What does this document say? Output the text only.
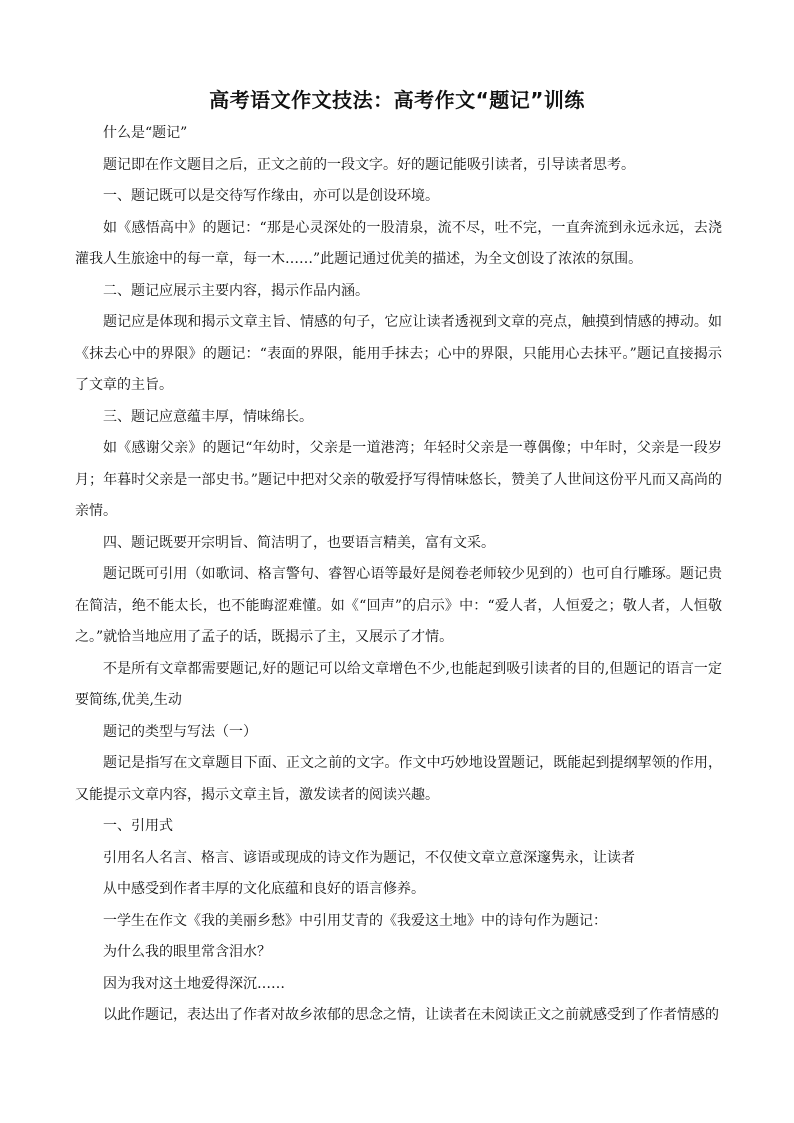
高考语文作文技法：高考作文“题记”训练

什么是“题记”

题记即在作文题目之后，正文之前的一段文字。好的题记能吸引读者，引导读者思考。

一、题记既可以是交待写作缘由，亦可以是创设环境。

如《感悟高中》的题记：“那是心灵深处的一股清泉，流不尽，吐不完，一直奔流到永远永远，去浇灌我人生旅途中的每一章，每一木……”此题记通过优美的描述，为全文创设了浓浓的氛围。

二、题记应展示主要内容，揭示作品内涵。

题记应是体现和揭示文章主旨、情感的句子，它应让读者透视到文章的亮点，触摸到情感的搏动。如《抹去心中的界限》的题记：“表面的界限，能用手抹去；心中的界限，只能用心去抹平。”题记直接揭示了文章的主旨。

三、题记应意蕴丰厚，情味绵长。

如《感谢父亲》的题记“年幼时，父亲是一道港湾；年轻时父亲是一尊偶像；中年时，父亲是一段岁月；年暮时父亲是一部史书。”题记中把对父亲的敬爱抒写得情味悠长，赞美了人世间这份平凡而又高尚的亲情。

四、题记既要开宗明旨、简洁明了，也要语言精美，富有文采。

题记既可引用（如歌词、格言警句、睿智心语等最好是阅卷老师较少见到的）也可自行雕琢。题记贵在简洁，绝不能太长，也不能晦涩难懂。如《“回声”的启示》中：“爱人者，人恒爱之；敬人者，人恒敬之。”就恰当地应用了孟子的话，既揭示了主，又展示了才情。

不是所有文章都需要题记,好的题记可以给文章增色不少,也能起到吸引读者的目的,但题记的语言一定要简练,优美,生动

题记的类型与写法（一）

题记是指写在文章题目下面、正文之前的文字。作文中巧妙地设置题记，既能起到提纲挈领的作用，又能提示文章内容，揭示文章主旨，激发读者的阅读兴趣。

一、引用式

引用名人名言、格言、谚语或现成的诗文作为题记，不仅使文章立意深邃隽永，让读者

从中感受到作者丰厚的文化底蕴和良好的语言修养。

一学生在作文《我的美丽乡愁》中引用艾青的《我爱这土地》中的诗句作为题记：

为什么我的眼里常含泪水？

因为我对这土地爱得深沉……

以此作题记，表达出了作者对故乡浓郁的思念之情，让读者在未阅读正文之前就感受到了作者情感的
